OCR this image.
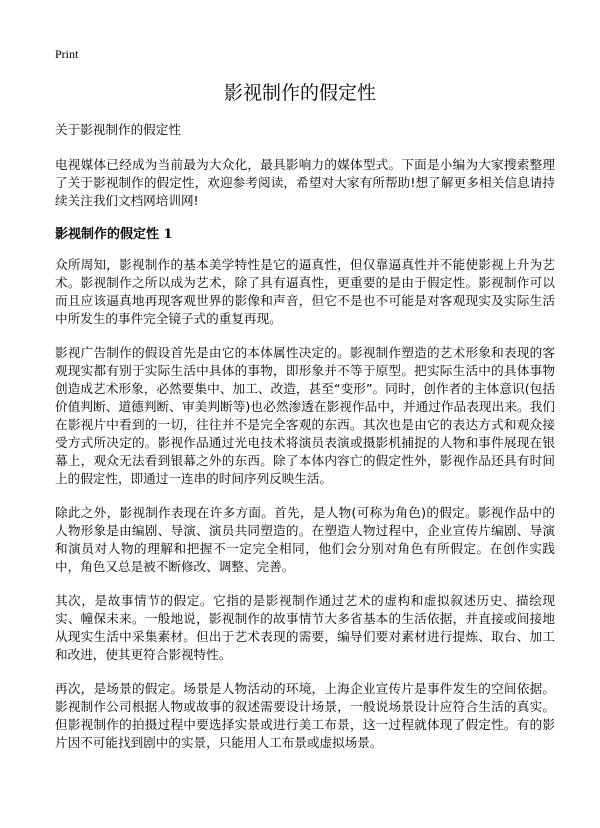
Print
影视制作的假定性

关于影视制作的假定性

电视媒体已经成为当前最为大众化，最具影响力的媒体型式。下面是小编为大家搜索整理了关于影视制作的假定性，欢迎参考阅读，希望对大家有所帮助!想了解更多相关信息请持续关注我们文档网培训网!

影视制作的假定性 1

众所周知，影视制作的基本美学特性是它的逼真性，但仅靠逼真性并不能使影视上升为艺术。影视制作之所以成为艺术，除了具有逼真性，更重要的是由于假定性。影视制作可以而且应该逼真地再现客观世界的影像和声音，但它不是也不可能是对客观现实及实际生活中所发生的事件完全镜子式的重复再现。

影视广告制作的假设首先是由它的本体属性决定的。影视制作塑造的艺术形象和表现的客观现实都有别于实际生活中具体的事物，即形象并不等于原型。把实际生活中的具体事物创造成艺术形象，必然要集中、加工、改造，甚至“变形”。同时，创作者的主体意识(包括价值判断、道德判断、审美判断等)也必然渗透在影视作品中，并通过作品表现出来。我们在影视片中看到的一切，往往并不是完全客观的东西。其次也是由它的表达方式和观众接受方式所决定的。影视作品通过光电技术将演员表演或摄影机捕捉的人物和事件展现在银幕上，观众无法看到银幕之外的东西。除了本体内容亡的假定性外，影视作品还具有时间上的假定性，即通过一连串的时间序列反映生活。

除此之外，影视制作表现在许多方面。首先，是人物(可称为角色)的假定。影视作品中的人物形象是由编剧、导演、演员共同塑造的。在塑造人物过程中，企业宣传片编剧、导演和演员对人物的理解和把握不一定完全相同，他们会分别对角色有所假定。在创作实践中，角色又总是被不断修改、调整、完善。

其次，是故事情节的假定。它指的是影视制作通过艺术的虚构和虚拟叙述历史、描绘现实、幢保未来。一般地说，影视制作的故事情节大多省基本的生活依据，并直接或间接地从现实生活中采集素材。但出于艺术表现的需要，编导们要对素材进行提炼、取台、加工和改进，使其更符合影视特性。

再次，是场景的假定。场景是人物活动的环境，上海企业宣传片是事件发生的空间依据。影视制作公司根据人物或故事的叙述需要设计场景，一般说场景设计应符合生活的真实。但影视制作的拍摄过程中要选择实景或进行美工布景，这一过程就体现了假定性。有的影片因不可能找到剧中的实景，只能用人工布景或虚拟场景。
